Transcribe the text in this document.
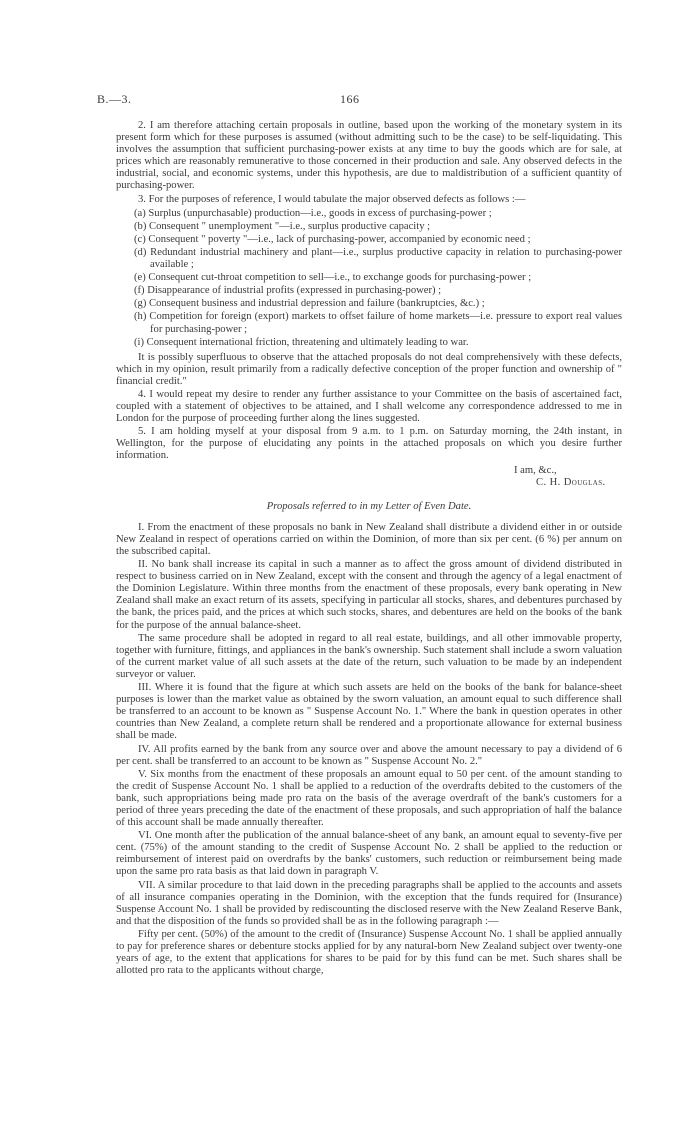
B.—3.	166

2. I am therefore attaching certain proposals in outline, based upon the working of the monetary system in its present form which for these purposes is assumed (without admitting such to be the case) to be self-liquidating. This involves the assumption that sufficient purchasing-power exists at any time to buy the goods which are for sale, at prices which are reasonably remunerative to those concerned in their production and sale. Any observed defects in the industrial, social, and economic systems, under this hypothesis, are due to maldistribution of a sufficient quantity of purchasing-power.

3. For the purposes of reference, I would tabulate the major observed defects as follows :—

(a) Surplus (unpurchasable) production—i.e., goods in excess of purchasing-power ;

(b) Consequent " unemployment "—i.e., surplus productive capacity ;

(c) Consequent " poverty "—i.e., lack of purchasing-power, accompanied by economic need ;

(d) Redundant industrial machinery and plant—i.e., surplus productive capacity in relation to purchasing-power available ;

(e) Consequent cut-throat competition to sell—i.e., to exchange goods for purchasing-power ;

(f) Disappearance of industrial profits (expressed in purchasing-power) ;

(g) Consequent business and industrial depression and failure (bankruptcies, &c.) ;

(h) Competition for foreign (export) markets to offset failure of home markets—i.e. pressure to export real values for purchasing-power ;

(i) Consequent international friction, threatening and ultimately leading to war.

It is possibly superfluous to observe that the attached proposals do not deal comprehensively with these defects, which in my opinion, result primarily from a radically defective conception of the proper function and ownership of " financial credit."

4. I would repeat my desire to render any further assistance to your Committee on the basis of ascertained fact, coupled with a statement of objectives to be attained, and I shall welcome any correspondence addressed to me in London for the purpose of proceeding further along the lines suggested.

5. I am holding myself at your disposal from 9 a.m. to 1 p.m. on Saturday morning, the 24th instant, in Wellington, for the purpose of elucidating any points in the attached proposals on which you desire further information.

I am, &c.,

C. H. Douglas.

Proposals referred to in my Letter of Even Date.

I. From the enactment of these proposals no bank in New Zealand shall distribute a dividend either in or outside New Zealand in respect of operations carried on within the Dominion, of more than six per cent. (6 %) per annum on the subscribed capital.

II. No bank shall increase its capital in such a manner as to affect the gross amount of dividend distributed in respect to business carried on in New Zealand, except with the consent and through the agency of a legal enactment of the Dominion Legislature. Within three months from the enactment of these proposals, every bank operating in New Zealand shall make an exact return of its assets, specifying in particular all stocks, shares, and debentures purchased by the bank, the prices paid, and the prices at which such stocks, shares, and debentures are held on the books of the bank for the purpose of the annual balance-sheet.

The same procedure shall be adopted in regard to all real estate, buildings, and all other immovable property, together with furniture, fittings, and appliances in the bank's ownership. Such statement shall include a sworn valuation of the current market value of all such assets at the date of the return, such valuation to be made by an independent surveyor or valuer.

III. Where it is found that the figure at which such assets are held on the books of the bank for balance-sheet purposes is lower than the market value as obtained by the sworn valuation, an amount equal to such difference shall be transferred to an account to be known as " Suspense Account No. 1." Where the bank in question operates in other countries than New Zealand, a complete return shall be rendered and a proportionate allowance for external business shall be made.

IV. All profits earned by the bank from any source over and above the amount necessary to pay a dividend of 6 per cent. shall be transferred to an account to be known as " Suspense Account No. 2."

V. Six months from the enactment of these proposals an amount equal to 50 per cent. of the amount standing to the credit of Suspense Account No. 1 shall be applied to a reduction of the overdrafts debited to the customers of the bank, such appropriations being made pro rata on the basis of the average overdraft of the bank's customers for a period of three years preceding the date of the enactment of these proposals, and such appropriation of half the balance of this account shall be made annually thereafter.

VI. One month after the publication of the annual balance-sheet of any bank, an amount equal to seventy-five per cent. (75%) of the amount standing to the credit of Suspense Account No. 2 shall be applied to the reduction or reimbursement of interest paid on overdrafts by the banks' customers, such reduction or reimbursement being made upon the same pro rata basis as that laid down in paragraph V.

VII. A similar procedure to that laid down in the preceding paragraphs shall be applied to the accounts and assets of all insurance companies operating in the Dominion, with the exception that the funds required for (Insurance) Suspense Account No. 1 shall be provided by rediscounting the disclosed reserve with the New Zealand Reserve Bank, and that the disposition of the funds so provided shall be as in the following paragraph :—

Fifty per cent. (50%) of the amount to the credit of (Insurance) Suspense Account No. 1 shall be applied annually to pay for preference shares or debenture stocks applied for by any natural-born New Zealand subject over twenty-one years of age, to the extent that applications for shares to be paid for by this fund can be met. Such shares shall be allotted pro rata to the applicants without charge,
